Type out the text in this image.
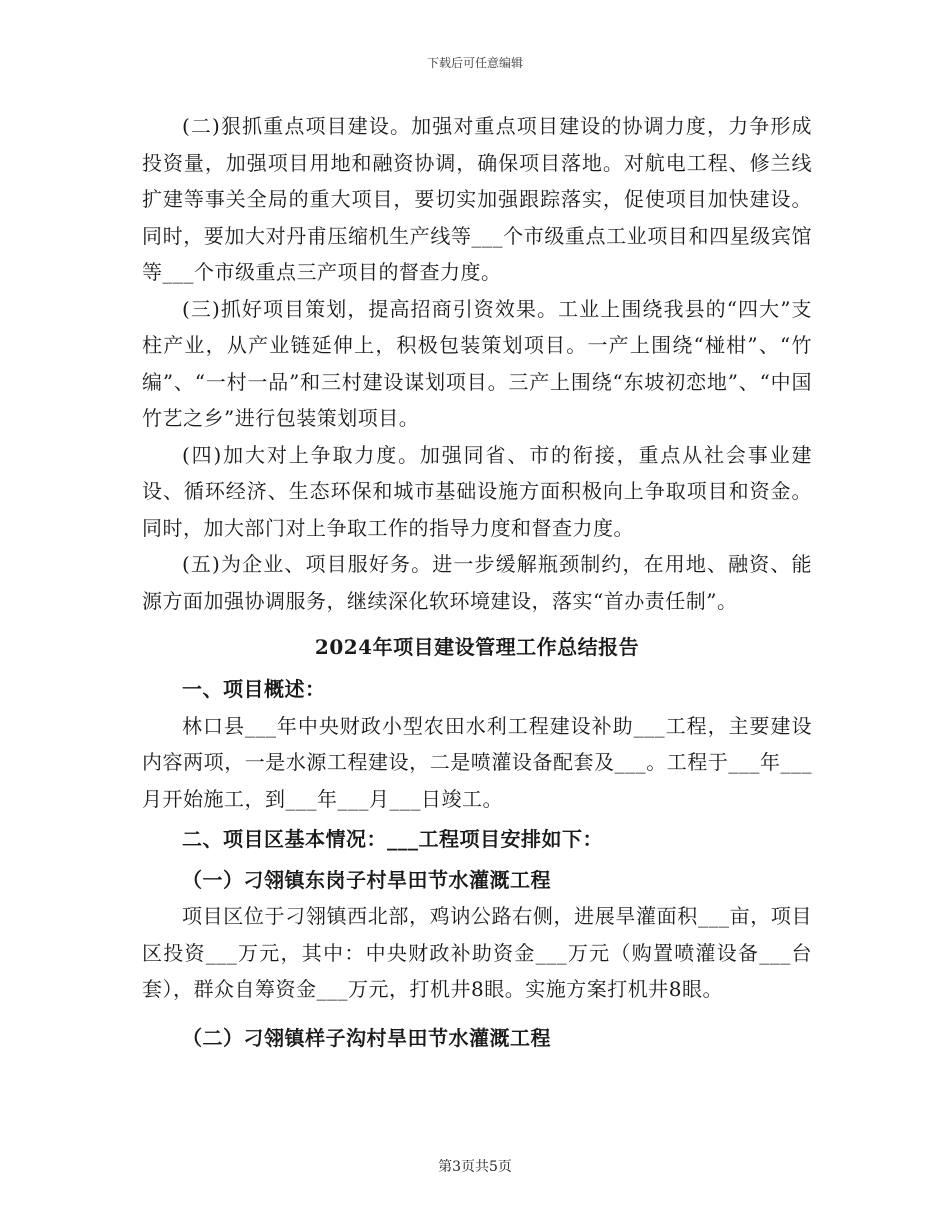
下载后可任意编辑

(二)狠抓重点项目建设。加强对重点项目建设的协调力度，力争形成投资量，加强项目用地和融资协调，确保项目落地。对航电工程、修兰线扩建等事关全局的重大项目，要切实加强跟踪落实，促使项目加快建设。同时，要加大对丹甫压缩机生产线等___个市级重点工业项目和四星级宾馆等___个市级重点三产项目的督查力度。

(三)抓好项目策划，提高招商引资效果。工业上围绕我县的“四大”支柱产业，从产业链延伸上，积极包装策划项目。一产上围绕“椪柑”、“竹编”、“一村一品”和三村建设谋划项目。三产上围绕“东坡初恋地”、“中国竹艺之乡”进行包装策划项目。

(四)加大对上争取力度。加强同省、市的衔接，重点从社会事业建设、循环经济、生态环保和城市基础设施方面积极向上争取项目和资金。同时，加大部门对上争取工作的指导力度和督查力度。

(五)为企业、项目服好务。进一步缓解瓶颈制约，在用地、融资、能源方面加强协调服务，继续深化软环境建设，落实“首办责任制”。

2024年项目建设管理工作总结报告
一、项目概述：

林口县___年中央财政小型农田水利工程建设补助___工程，主要建设内容两项，一是水源工程建设，二是喷灌设备配套及___。工程于___年___月开始施工，到___年___月___日竣工。

二、项目区基本情况：___工程项目安排如下：
（一）刁翎镇东岗子村旱田节水灌溉工程

项目区位于刁翎镇西北部，鸡讷公路右侧，进展旱灌面积___亩，项目区投资___万元，其中：中央财政补助资金___万元（购置喷灌设备___台套），群众自筹资金___万元，打机井8眼。实施方案打机井8眼。

（二）刁翎镇样子沟村旱田节水灌溉工程
第3页共5页
